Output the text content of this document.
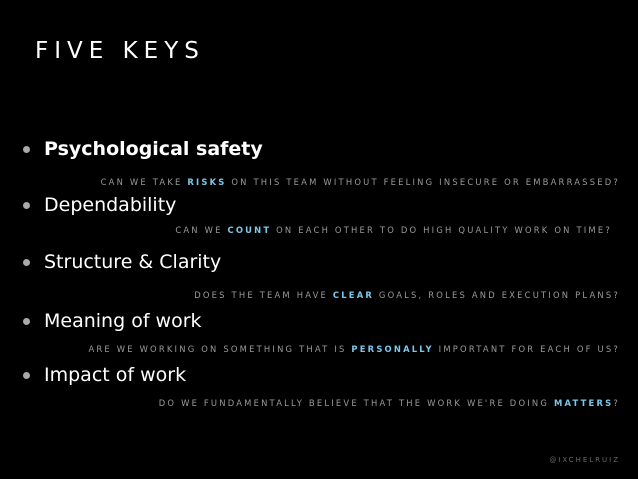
FIVE KEYS
Psychological safety
CAN WE TAKE RISKS ON THIS TEAM WITHOUT FEELING INSECURE OR EMBARRASSED?
Dependability
CAN WE COUNT ON EACH OTHER TO DO HIGH QUALITY WORK ON TIME?
Structure & Clarity
DOES THE TEAM HAVE CLEAR GOALS, ROLES AND EXECUTION PLANS?
Meaning of work
ARE WE WORKING ON SOMETHING THAT IS PERSONALLY IMPORTANT FOR EACH OF US?
Impact of work
DO WE FUNDAMENTALLY BELIEVE THAT THE WORK WE'RE DOING MATTERS?
@IXCHELRUIZ
